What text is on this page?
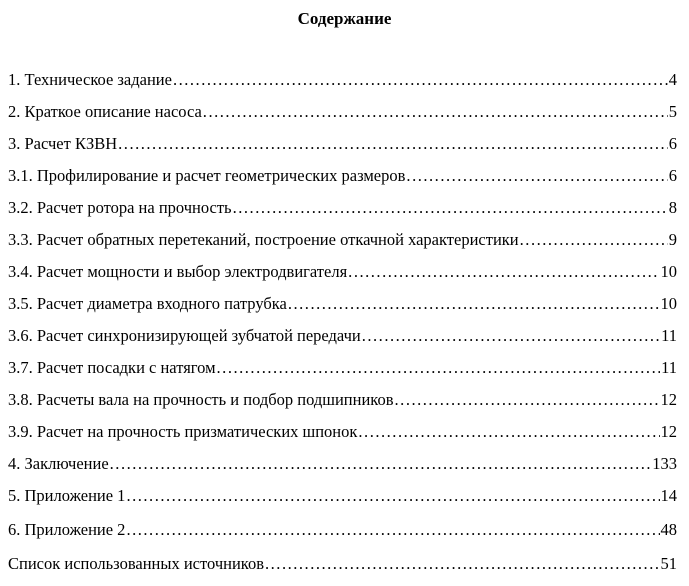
Содержание
1. Техническое задание . . .	4
2. Краткое описание насоса . . .	5
3. Расчет КЗВН . . .	6
3.1. Профилирование и расчет геометрических размеров . . .	6
3.2. Расчет ротора на прочность . . .	8
3.3. Расчет обратных перетеканий, построение откачной характеристики . . .	9
3.4. Расчет мощности и выбор электродвигателя . . .	10
3.5. Расчет диаметра входного патрубка . . .	10
3.6. Расчет синхронизирующей зубчатой передачи . . .	11
3.7. Расчет посадки с натягом . . .	11
3.8. Расчеты вала на прочность и подбор подшипников . . .	12
3.9. Расчет на прочность призматических шпонок . . .	12
4. Заключение . . .	133
5. Приложение 1 . . .	14
6. Приложение 2 . . .	48
Список использованных источников . . .	51
